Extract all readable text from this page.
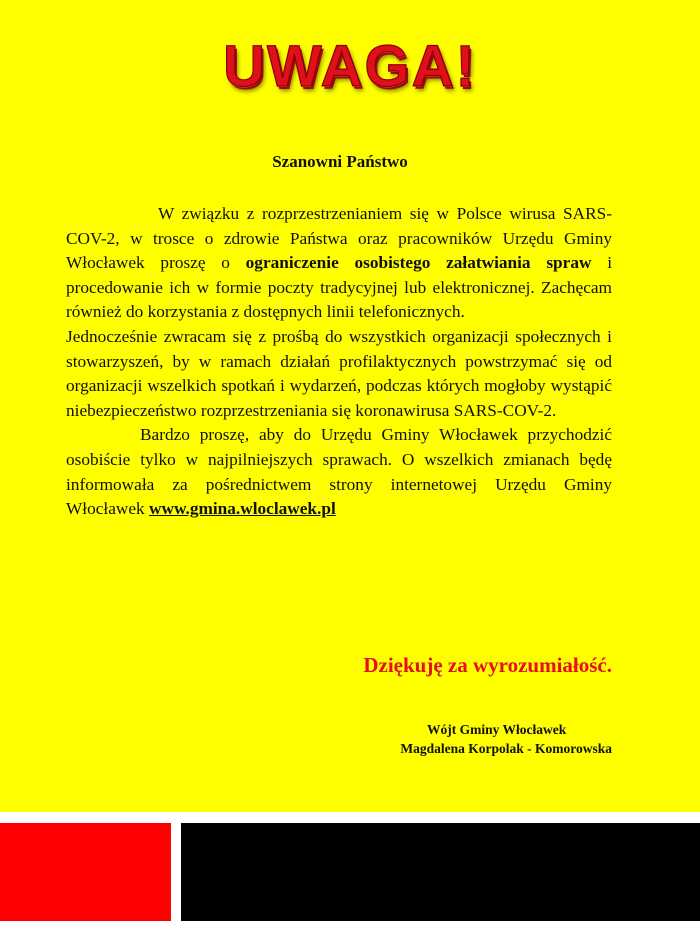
UWAGA!
Szanowni Państwo

W związku z rozprzestrzenianiem się w Polsce wirusa SARS-COV-2, w trosce o zdrowie Państwa oraz pracowników Urzędu Gminy Włocławek proszę o ograniczenie osobistego załatwiania spraw i procedowanie ich w formie poczty tradycyjnej lub elektronicznej. Zachęcam również do korzystania z dostępnych linii telefonicznych.

Jednocześnie zwracam się z prośbą do wszystkich organizacji społecznych i stowarzyszeń, by w ramach działań profilaktycznych powstrzymać się od organizacji wszelkich spotkań i wydarzeń, podczas których mogłoby wystąpić niebezpieczeństwo rozprzestrzeniania się koronawirusa SARS-COV-2.

Bardzo proszę, aby do Urzędu Gminy Włocławek przychodzić osobiście tylko w najpilniejszych sprawach. O wszelkich zmianach będę informowała za pośrednictwem strony internetowej Urzędu Gminy Włocławek www.gmina.wloclawek.pl

Dziękuję za wyrozumiałość.
Wójt Gminy Włocławek
Magdalena Korpolak - Komorowska
